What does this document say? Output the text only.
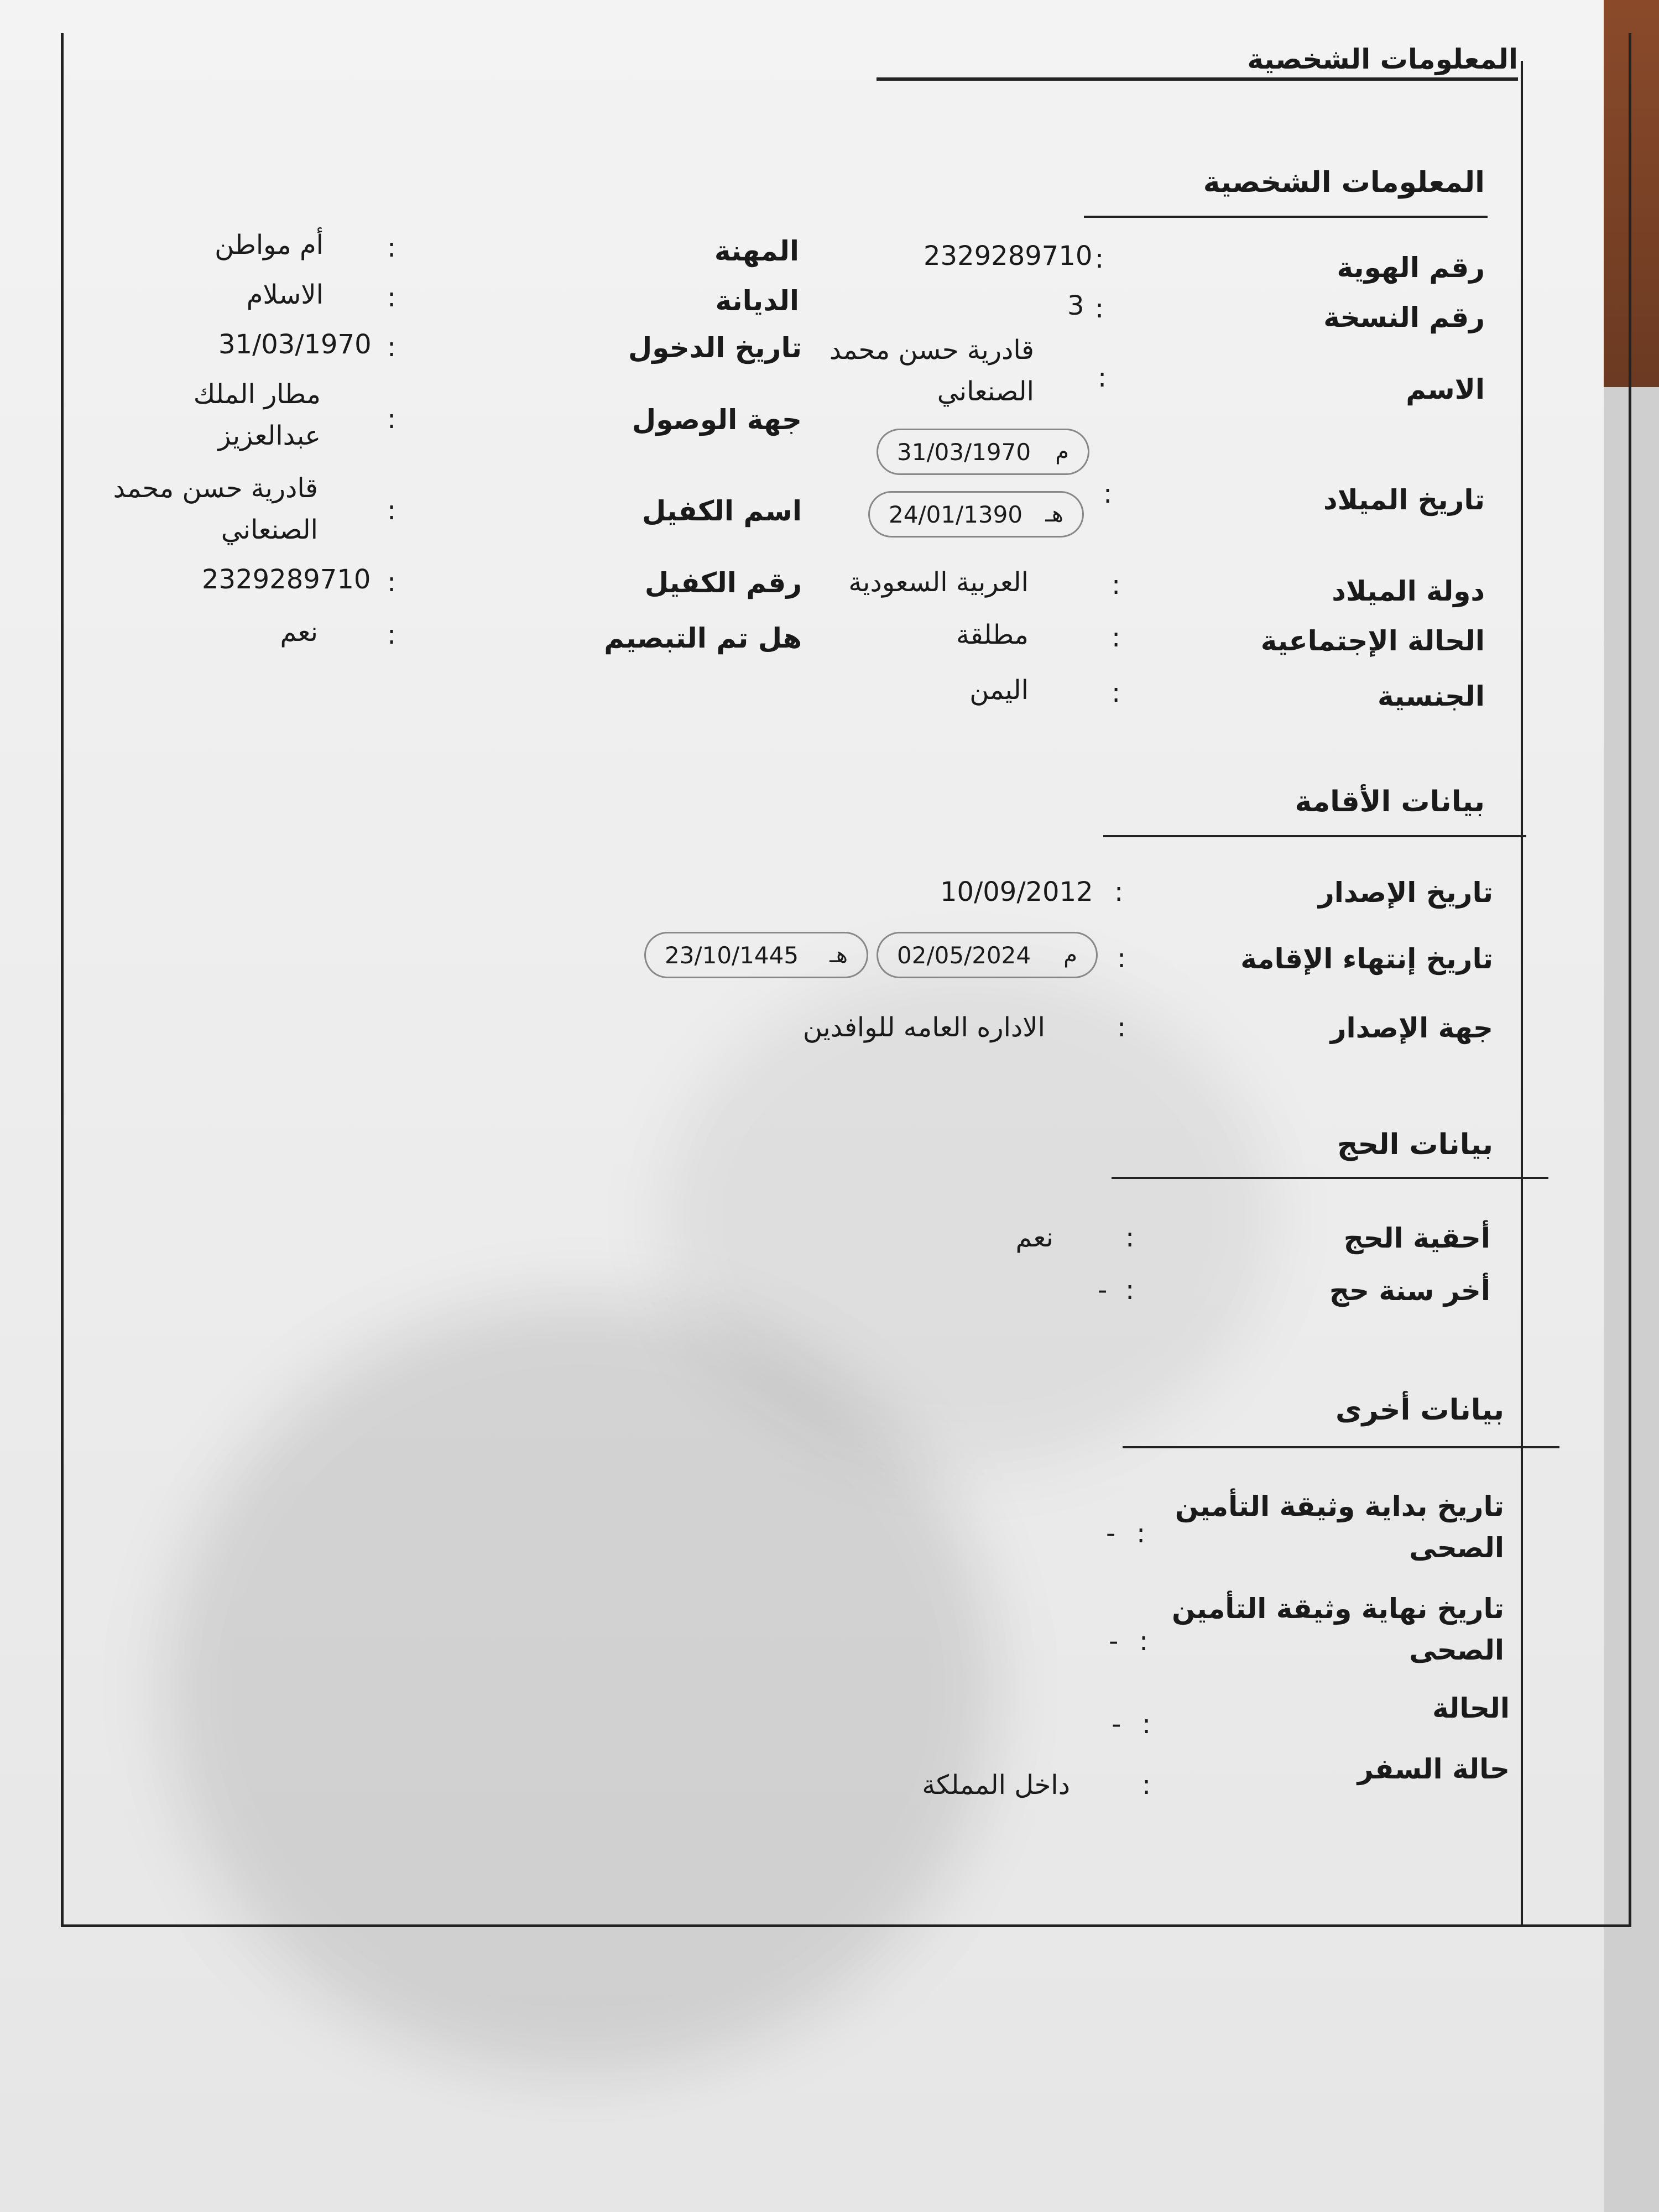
المعلومات الشخصية
المعلومات الشخصية
رقم الهوية
رقم النسخة
الاسم
تاريخ الميلاد
دولة الميلاد
الحالة الإجتماعية
الجنسية
:
:
:
:
:
:
:
2329289710
3
قادرية حسن محمد
الصنعاني
31/03/1970 م
24/01/1390 هـ
العربية السعودية
مطلقة
اليمن
المهنة
الديانة
تاريخ الدخول
جهة الوصول
اسم الكفيل
رقم الكفيل
هل تم التبصيم
:
:
:
:
:
:
:
أم مواطن
الاسلام
31/03/1970
مطار الملك
عبدالعزيز
قادرية حسن محمد
الصنعاني
2329289710
نعم
بيانات الأقامة
تاريخ الإصدار
:
10/09/2012
تاريخ إنتهاء الإقامة
:
02/05/2024 م
23/10/1445 هـ
جهة الإصدار
:
الاداره العامه للوافدين
بيانات الحج
أحقية الحج
:
نعم
أخر سنة حج
:
-
بيانات أخرى
تاريخ بداية وثيقة التأمين
الصحى
:
-
تاريخ نهاية وثيقة التأمين
الصحى
:
-
الحالة
:
-
حالة السفر
:
داخل المملكة
